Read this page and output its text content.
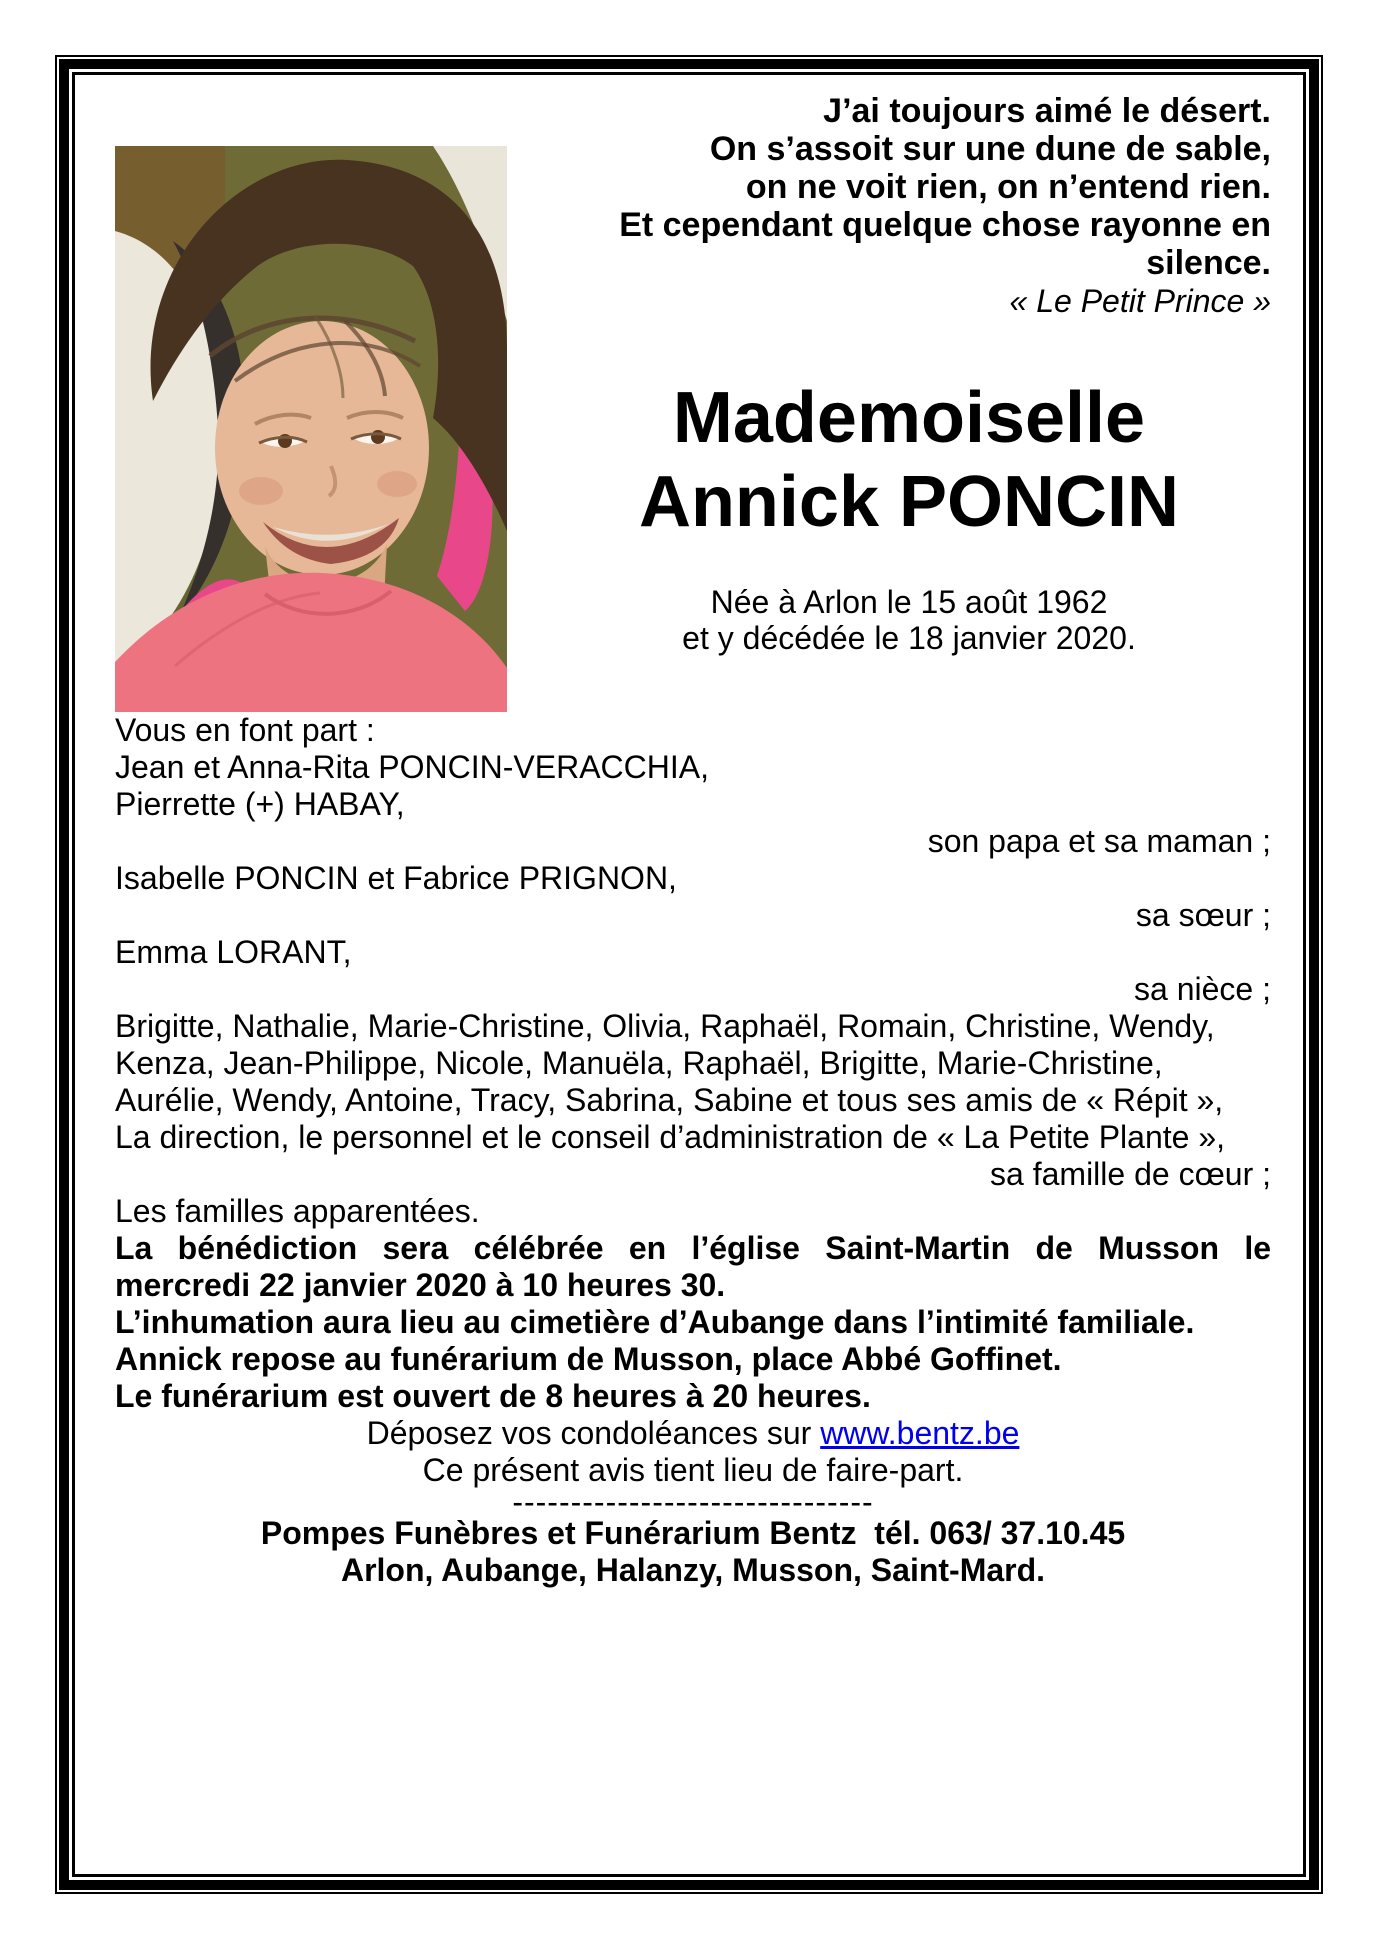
J’ai toujours aimé le désert.
On s’assoit sur une dune de sable,
on ne voit rien, on n’entend rien.
Et cependant quelque chose rayonne en
silence.
« Le Petit Prince »
Mademoiselle
Annick PONCIN
Née à Arlon le 15 août 1962
et y décédée le 18 janvier 2020.
Vous en font part :
Jean et Anna-Rita PONCIN-VERACCHIA,
Pierrette (+) HABAY,
son papa et sa maman ;
Isabelle PONCIN et Fabrice PRIGNON,
sa sœur ;
Emma LORANT,
sa nièce ;
Brigitte, Nathalie, Marie-Christine, Olivia, Raphaël, Romain, Christine, Wendy,
Kenza, Jean-Philippe, Nicole, Manuëla, Raphaël, Brigitte, Marie-Christine,
Aurélie, Wendy, Antoine, Tracy, Sabrina, Sabine et tous ses amis de « Répit »,
La direction, le personnel et le conseil d’administration de « La Petite Plante »,
sa famille de cœur ;
Les familles apparentées.
La bénédiction sera célébrée en l’église Saint-Martin de Musson le
mercredi 22 janvier 2020 à 10 heures 30.
L’inhumation aura lieu au cimetière d’Aubange dans l’intimité familiale.
Annick repose au funérarium de Musson, place Abbé Goffinet.
Le funérarium est ouvert de 8 heures à 20 heures.
Déposez vos condoléances sur www.bentz.be
Ce présent avis tient lieu de faire-part.
-------------------------------
Pompes Funèbres et Funérarium Bentz  tél. 063/ 37.10.45
Arlon, Aubange, Halanzy, Musson, Saint-Mard.
